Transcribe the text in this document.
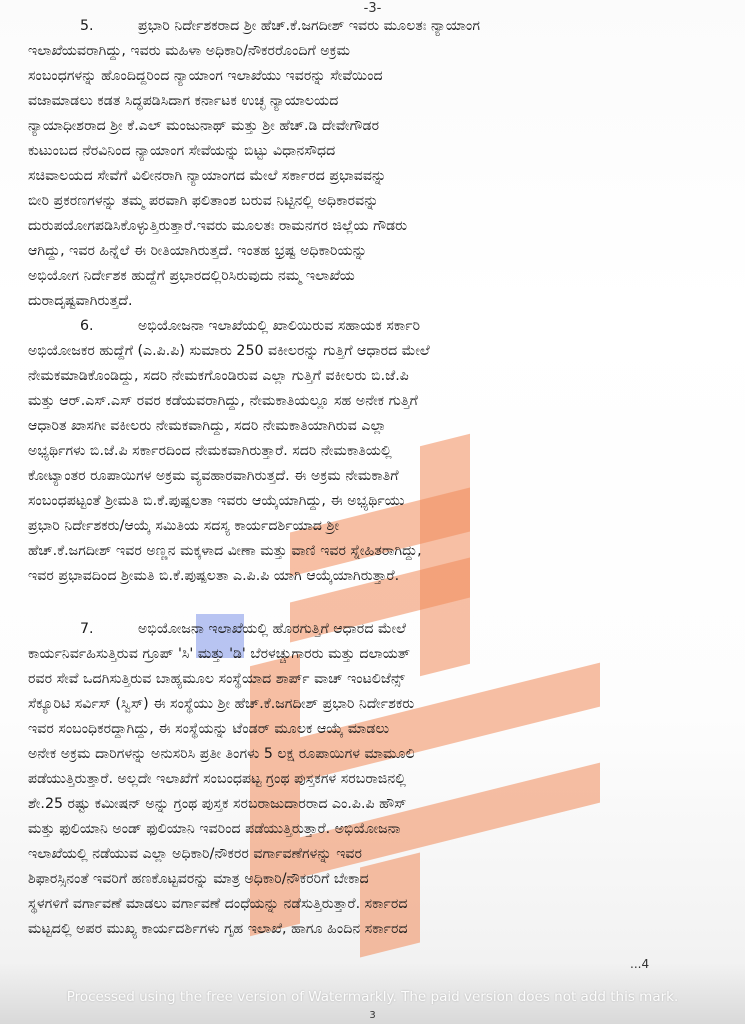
-3-
5.	ಪ್ರಭಾರಿ ನಿರ್ದೇಶಕರಾದ ಶ್ರೀ ಹೆಚ್.ಕೆ.ಜಗದೀಶ್ ಇವರು ಮೂಲತಃ ನ್ಯಾಯಾಂಗ
ಇಲಾಖೆಯವರಾಗಿದ್ದು, ಇವರು ಮಹಿಳಾ ಅಧಿಕಾರಿ/ನೌಕರರೊಂದಿಗೆ ಅಕ್ರಮ
ಸಂಬಂಧಗಳನ್ನು ಹೊಂದಿದ್ದರಿಂದ ನ್ಯಾಯಾಂಗ ಇಲಾಖೆಯು ಇವರನ್ನು ಸೇವೆಯಿಂದ
ವಜಾಮಾಡಲು ಕಡತ ಸಿದ್ಧಪಡಿಸಿದಾಗ ಕರ್ನಾಟಕ ಉಚ್ಛ ನ್ಯಾಯಾಲಯದ
ನ್ಯಾಯಾಧೀಶರಾದ ಶ್ರೀ ಕೆ.ಎಲ್ ಮಂಜುನಾಥ್ ಮತ್ತು ಶ್ರೀ ಹೆಚ್.ಡಿ ದೇವೇಗೌಡರ
ಕುಟುಂಬದ ನೆರವಿನಿಂದ ನ್ಯಾಯಾಂಗ ಸೇವೆಯನ್ನು ಬಿಟ್ಟು ವಿಧಾನಸೌಧದ
ಸಚಿವಾಲಯದ ಸೇವೆಗೆ ವಿಲೀನರಾಗಿ ನ್ಯಾಯಾಂಗದ ಮೇಲೆ ಸರ್ಕಾರದ ಪ್ರಭಾವವನ್ನು
ಬೀರಿ ಪ್ರಕರಣಗಳನ್ನು ತಮ್ಮ ಪರವಾಗಿ ಫಲಿತಾಂಶ ಬರುವ ನಿಟ್ಟಿನಲ್ಲಿ ಅಧಿಕಾರವನ್ನು
ದುರುಪಯೋಗಪಡಿಸಿಕೊಳ್ಳುತ್ತಿರುತ್ತಾರೆ.ಇವರು ಮೂಲತಃ ರಾಮನಗರ ಜಿಲ್ಲೆಯ ಗೌಡರು
ಆಗಿದ್ದು, ಇವರ ಹಿನ್ನೆಲೆ ಈ ರೀತಿಯಾಗಿರುತ್ತದೆ. ಇಂತಹ ಭ್ರಷ್ಟ ಅಧಿಕಾರಿಯನ್ನು
ಅಭಿಯೋಗ ನಿರ್ದೇಶಕ ಹುದ್ದೆಗೆ ಪ್ರಭಾರದಲ್ಲಿರಿಸಿರುವುದು ನಮ್ಮ ಇಲಾಖೆಯ
ದುರಾದೃಷ್ಟವಾಗಿರುತ್ತದೆ.
6.	ಅಭಿಯೋಜನಾ ಇಲಾಖೆಯಲ್ಲಿ ಖಾಲಿಯಿರುವ ಸಹಾಯಕ ಸರ್ಕಾರಿ
ಅಭಿಯೋಜಕರ ಹುದ್ದೆಗೆ (ಎ.ಪಿ.ಪಿ) ಸುಮಾರು 250 ವಕೀಲರನ್ನು ಗುತ್ತಿಗೆ ಆಧಾರದ ಮೇಲೆ
ನೇಮಕಮಾಡಿಕೊಂಡಿದ್ದು, ಸದರಿ ನೇಮಕಗೊಂಡಿರುವ ಎಲ್ಲಾ ಗುತ್ತಿಗೆ ವಕೀಲರು ಬಿ.ಜೆ.ಪಿ
ಮತ್ತು ಆರ್.ಎಸ್.ಎಸ್ ರವರ ಕಡೆಯವರಾಗಿದ್ದು, ನೇಮಕಾತಿಯಲ್ಲೂ ಸಹ ಅನೇಕ ಗುತ್ತಿಗೆ
ಆಧಾರಿತ ಖಾಸಗೀ ವಕೀಲರು ನೇಮಕವಾಗಿದ್ದು, ಸದರಿ ನೇಮಕಾತಿಯಾಗಿರುವ ಎಲ್ಲಾ
ಅಭ್ಯರ್ಥಿಗಳು ಬಿ.ಜೆ.ಪಿ ಸರ್ಕಾರದಿಂದ ನೇಮಕವಾಗಿರುತ್ತಾರೆ. ಸದರಿ ನೇಮಕಾತಿಯಲ್ಲಿ
ಕೋಟ್ಯಾಂತರ ರೂಪಾಯಿಗಳ ಅಕ್ರಮ ವ್ಯವಹಾರವಾಗಿರುತ್ತದೆ. ಈ ಅಕ್ರಮ ನೇಮಕಾತಿಗೆ
ಸಂಬಂಧಪಟ್ಟಂತೆ ಶ್ರೀಮತಿ ಬಿ.ಕೆ.ಪುಷ್ಪಲತಾ ಇವರು ಆಯ್ಕೆಯಾಗಿದ್ದು, ಈ ಅಭ್ಯರ್ಥಿಯು
ಪ್ರಭಾರಿ ನಿರ್ದೇಶಕರು/ಆಯ್ಕೆ ಸಮಿತಿಯ ಸದಸ್ಯ ಕಾರ್ಯದರ್ಶಿಯಾದ ಶ್ರೀ
ಹೆಚ್.ಕೆ.ಜಗದೀಶ್ ಇವರ ಅಣ್ಣನ ಮಕ್ಕಳಾದ ವೀಣಾ ಮತ್ತು ವಾಣಿ ಇವರ ಸ್ನೇಹಿತರಾಗಿದ್ದು,
ಇವರ ಪ್ರಭಾವದಿಂದ ಶ್ರೀಮತಿ ಬಿ.ಕೆ.ಪುಷ್ಪಲತಾ ಎ.ಪಿ.ಪಿ ಯಾಗಿ ಆಯ್ಕೆಯಾಗಿರುತ್ತಾರೆ.
7.	ಅಭಿಯೋಜನಾ ಇಲಾಖೆಯಲ್ಲಿ ಹೊರಗುತ್ತಿಗೆ ಆಧಾರದ ಮೇಲೆ
ಕಾರ್ಯನಿರ್ವಹಿಸುತ್ತಿರುವ ಗ್ರೂಪ್ 'ಸಿ' ಮತ್ತು 'ಡಿ' ಬೆರಳಚ್ಚುಗಾರರು ಮತ್ತು ದಲಾಯತ್
ರವರ ಸೇವೆ ಒದಗಿಸುತ್ತಿರುವ ಬಾಹ್ಯಮೂಲ ಸಂಸ್ಥೆಯಾದ ಶಾರ್ಪ್ ವಾಚ್ ಇಂಟಲಿಜೆನ್ಸ್
ಸೆಕ್ಯೂರಿಟಿ ಸರ್ವಿಸ್ (ಸ್ವಿಸ್) ಈ ಸಂಸ್ಥೆಯು ಶ್ರೀ ಹೆಚ್.ಕೆ.ಜಗದೀಶ್ ಪ್ರಭಾರಿ ನಿರ್ದೇಶಕರು
ಇವರ ಸಂಬಂಧಿಕರದ್ದಾಗಿದ್ದು, ಈ ಸಂಸ್ಥೆಯನ್ನು ಟೆಂಡರ್ ಮೂಲಕ ಆಯ್ಕೆ ಮಾಡಲು
ಅನೇಕ ಅಕ್ರಮ ದಾರಿಗಳನ್ನು ಅನುಸರಿಸಿ ಪ್ರತೀ ತಿಂಗಳು 5 ಲಕ್ಷ ರೂಪಾಯಿಗಳ ಮಾಮೂಲಿ
ಪಡೆಯುತ್ತಿರುತ್ತಾರೆ. ಅಲ್ಲದೇ ಇಲಾಖೆಗೆ ಸಂಬಂಧಪಟ್ಟ ಗ್ರಂಥ ಪುಸ್ತಕಗಳ ಸರಬರಾಜಿನಲ್ಲಿ
ಶೇ.25 ರಷ್ಟು ಕಮೀಷನ್ ಅನ್ನು ಗ್ರಂಥ ಪುಸ್ತಕ ಸರಬರಾಜುದಾರರಾದ ಎಂ.ಪಿ.ಪಿ ಹೌಸ್
ಮತ್ತು ಫುಲಿಯಾನಿ ಅಂಡ್ ಫುಲಿಯಾನಿ ಇವರಿಂದ ಪಡೆಯುತ್ತಿರುತ್ತಾರೆ. ಅಭಿಯೋಜನಾ
ಇಲಾಖೆಯಲ್ಲಿ ನಡೆಯುವ ಎಲ್ಲಾ ಅಧಿಕಾರಿ/ನೌಕರರ ವರ್ಗಾವಣೆಗಳನ್ನು ಇವರ
ಶಿಫಾರಸ್ಸಿನಂತೆ ಇವರಿಗೆ ಹಣಕೊಟ್ಟವರನ್ನು ಮಾತ್ರ ಅಧಿಕಾರಿ/ನೌಕರರಿಗೆ ಬೇಕಾದ
ಸ್ಥಳಗಳಿಗೆ ವರ್ಗಾವಣೆ ಮಾಡಲು ವರ್ಗಾವಣೆ ದಂಧೆಯನ್ನು ನಡೆಸುತ್ತಿರುತ್ತಾರೆ. ಸರ್ಕಾರದ
ಮಟ್ಟದಲ್ಲಿ ಅಪರ ಮುಖ್ಯ ಕಾರ್ಯದರ್ಶಿಗಳು ಗೃಹ ಇಲಾಖೆ, ಹಾಗೂ ಹಿಂದಿನ ಸರ್ಕಾರದ
...4
Processed using the free version of Watermarkly. The paid version does not add this mark.
3
